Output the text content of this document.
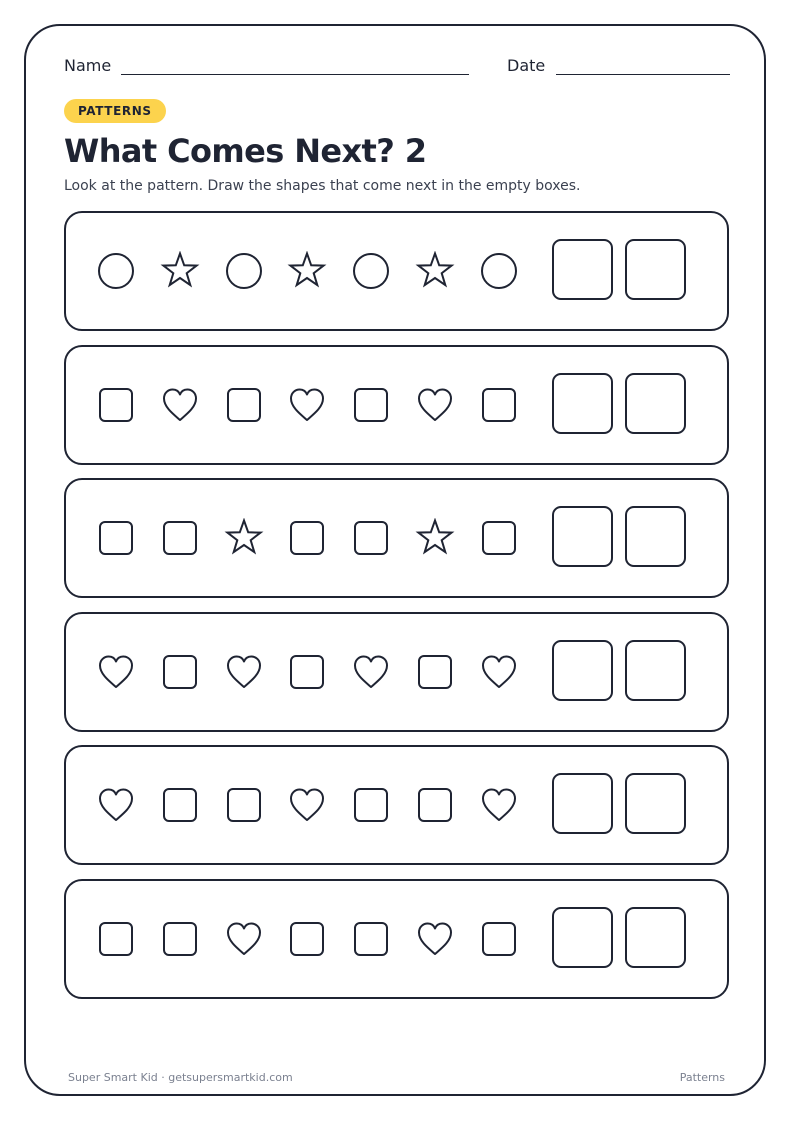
Name	Date
PATTERNS
What Comes Next? 2

Look at the pattern. Draw the shapes that come next in the empty boxes.

Super Smart Kid · getsupersmartkid.com	Patterns
